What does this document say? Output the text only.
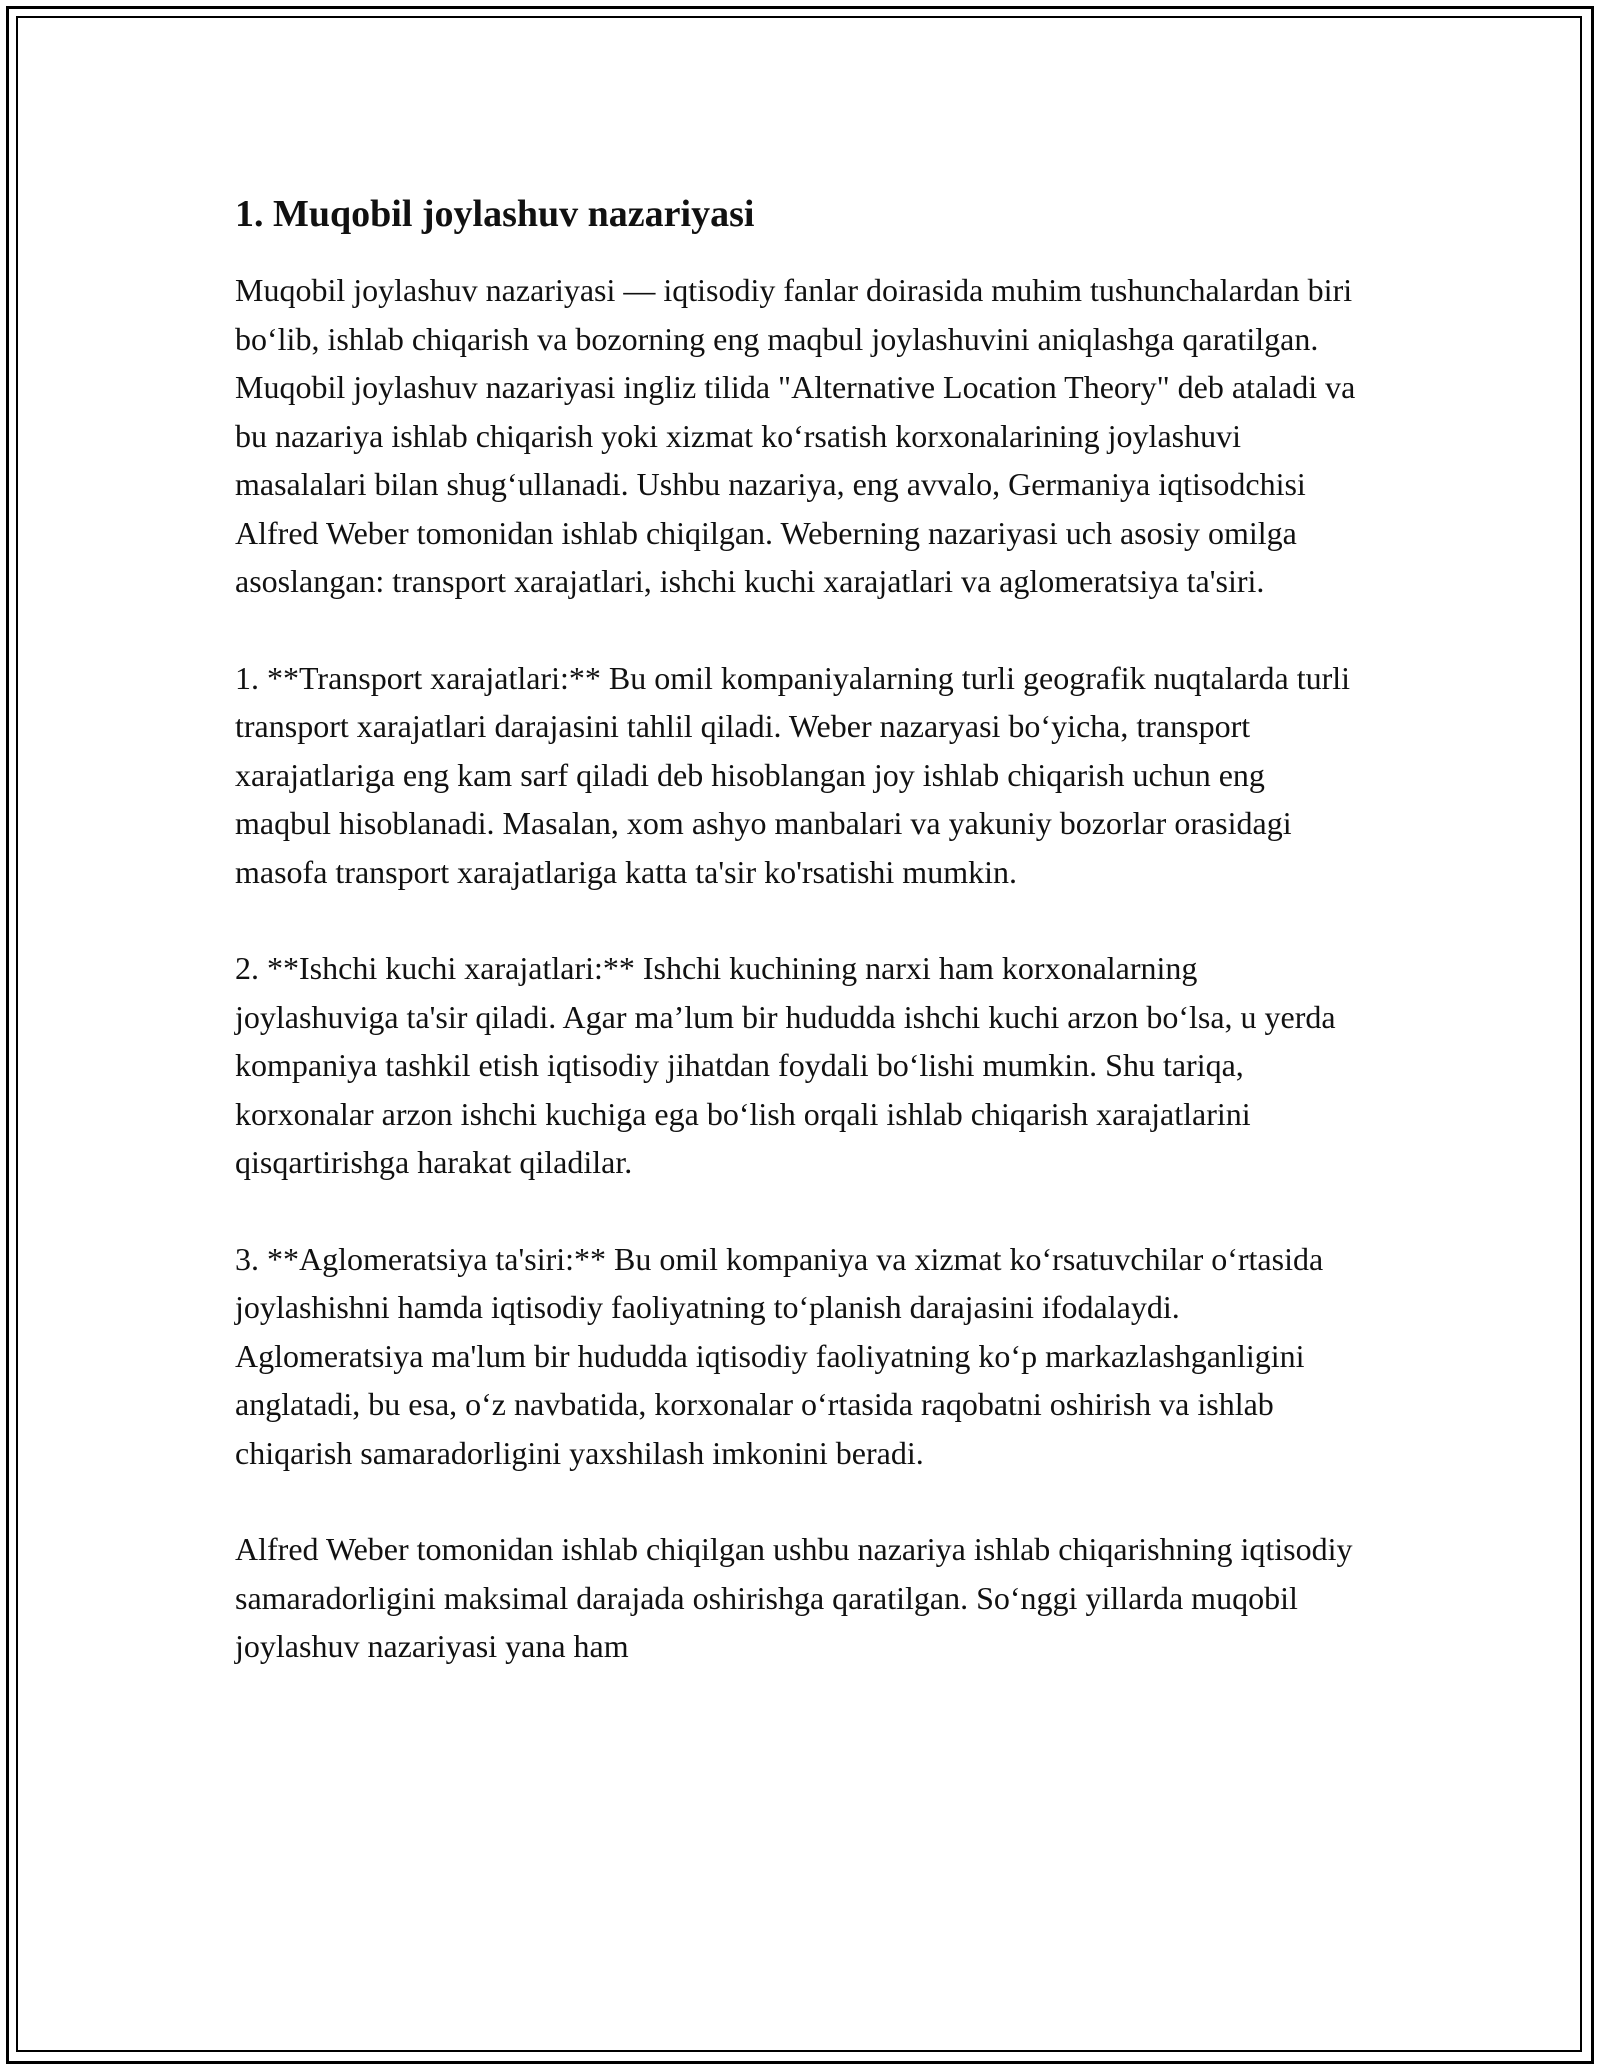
1. Muqobil joylashuv nazariyasi

Muqobil joylashuv nazariyasi — iqtisodiy fanlar doirasida muhim tushunchalardan biri bo‘lib, ishlab chiqarish va bozorning eng maqbul joylashuvini aniqlashga qaratilgan. Muqobil joylashuv nazariyasi ingliz tilida "Alternative Location Theory" deb ataladi va bu nazariya ishlab chiqarish yoki xizmat ko‘rsatish korxonalarining joylashuvi masalalari bilan shug‘ullanadi. Ushbu nazariya, eng avvalo, Germaniya iqtisodchisi Alfred Weber tomonidan ishlab chiqilgan. Weberning nazariyasi uch asosiy omilga asoslangan: transport xarajatlari, ishchi kuchi xarajatlari va aglomeratsiya ta'siri.

1. **Transport xarajatlari:** Bu omil kompaniyalarning turli geografik nuqtalarda turli transport xarajatlari darajasini tahlil qiladi. Weber nazaryasi bo‘yicha, transport xarajatlariga eng kam sarf qiladi deb hisoblangan joy ishlab chiqarish uchun eng maqbul hisoblanadi. Masalan, xom ashyo manbalari va yakuniy bozorlar orasidagi masofa transport xarajatlariga katta ta'sir ko'rsatishi mumkin.

2. **Ishchi kuchi xarajatlari:** Ishchi kuchining narxi ham korxonalarning joylashuviga ta'sir qiladi. Agar ma’lum bir hududda ishchi kuchi arzon bo‘lsa, u yerda kompaniya tashkil etish iqtisodiy jihatdan foydali bo‘lishi mumkin. Shu tariqa, korxonalar arzon ishchi kuchiga ega bo‘lish orqali ishlab chiqarish xarajatlarini qisqartirishga harakat qiladilar.

3. **Aglomeratsiya ta'siri:** Bu omil kompaniya va xizmat ko‘rsatuvchilar o‘rtasida joylashishni hamda iqtisodiy faoliyatning to‘planish darajasini ifodalaydi. Aglomeratsiya ma'lum bir hududda iqtisodiy faoliyatning ko‘p markazlashganligini anglatadi, bu esa, o‘z navbatida, korxonalar o‘rtasida raqobatni oshirish va ishlab chiqarish samaradorligini yaxshilash imkonini beradi.

Alfred Weber tomonidan ishlab chiqilgan ushbu nazariya ishlab chiqarishning iqtisodiy samaradorligini maksimal darajada oshirishga qaratilgan. So‘nggi yillarda muqobil joylashuv nazariyasi yana ham
